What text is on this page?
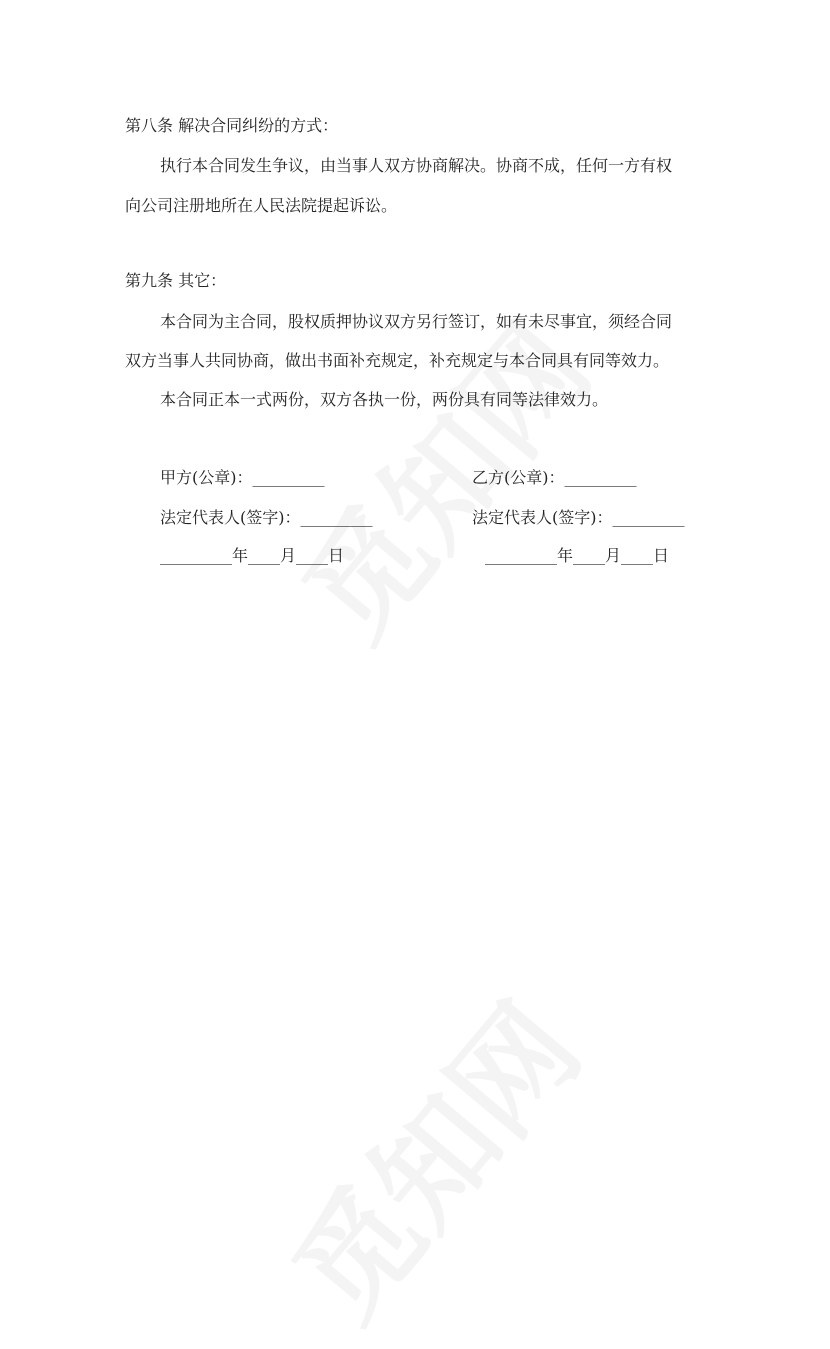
第八条 解决合同纠纷的方式：
执行本合同发生争议，由当事人双方协商解决。协商不成，任何一方有权
向公司注册地所在人民法院提起诉讼。
第九条 其它：
本合同为主合同，股权质押协议双方另行签订，如有未尽事宜，须经合同
双方当事人共同协商，做出书面补充规定，补充规定与本合同具有同等效力。
本合同正本一式两份，双方各执一份，两份具有同等法律效力。
甲方(公章)：_________
法定代表人(签字)：_________
_________年____月____日
乙方(公章)：_________
法定代表人(签字)：_________
_________年____月____日
